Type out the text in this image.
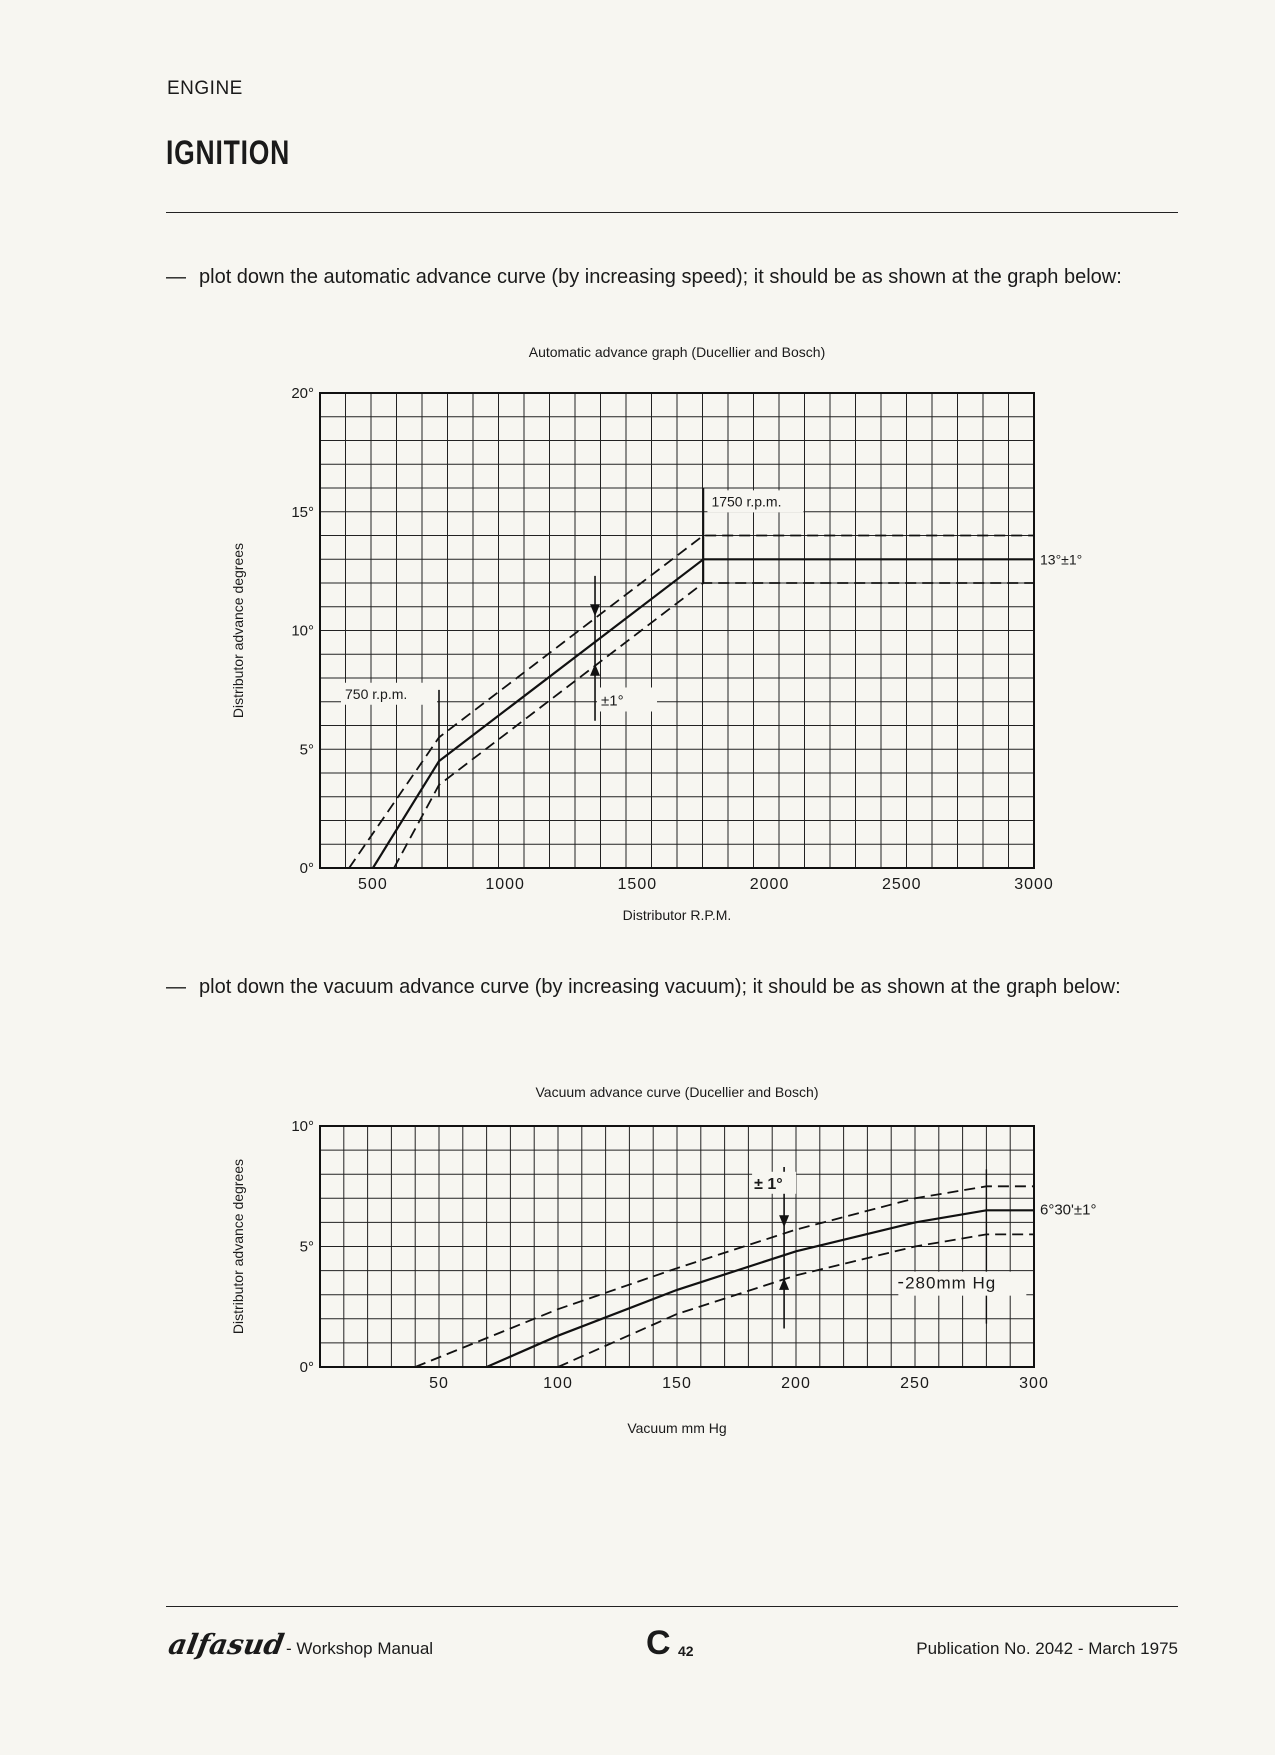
ENGINE
IGNITION
— plot down the automatic advance curve (by increasing speed); it should be as shown at the graph below:
Automatic advance graph (Ducellier and Bosch)
0°
5°
10°
15°
20°
500	1000	1500	2000	2500	3000
Distributor R.P.M.
Distributor advance degrees
1750 r.p.m.
750 r.p.m.
13°±1°
±1°
— plot down the vacuum advance curve (by increasing vacuum); it should be as shown at the graph below:
Vacuum advance curve (Ducellier and Bosch)
0°
5°
10°
50	100	150	200	250	300
Vacuum mm Hg
Distributor advance degrees	± 1°
6°30'±1°
280mm Hg
alfasud - Workshop Manual	C 42	Publication No. 2042 - March 1975
